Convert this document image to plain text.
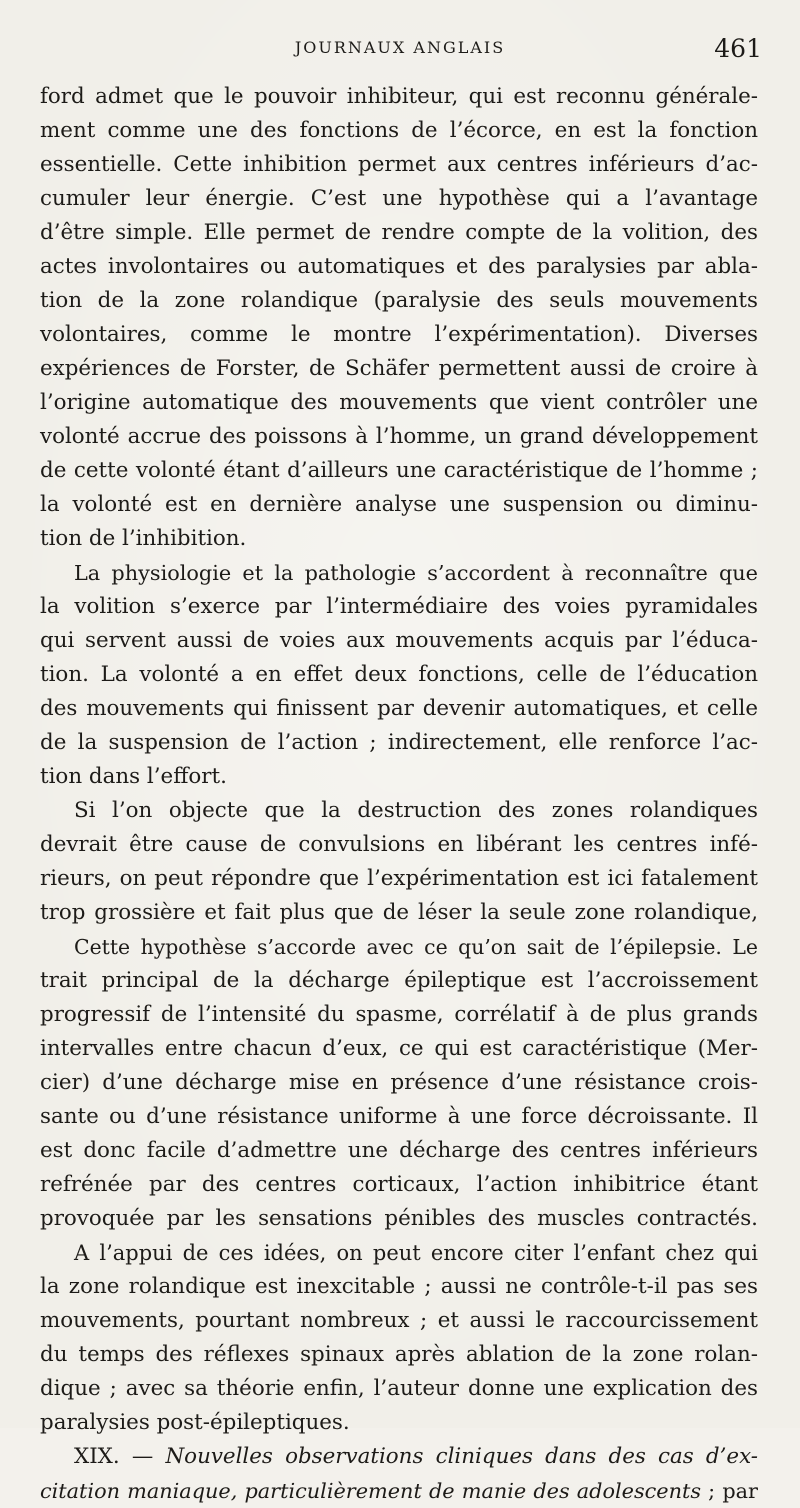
JOURNAUX ANGLAIS	461
ford admet que le pouvoir inhibiteur, qui est reconnu générale-
ment comme une des fonctions de l’écorce, en est la fonction
essentielle. Cette inhibition permet aux centres inférieurs d’ac-
cumuler leur énergie. C’est une hypothèse qui a l’avantage
d’être simple. Elle permet de rendre compte de la volition, des
actes involontaires ou automatiques et des paralysies par abla-
tion de la zone rolandique (paralysie des seuls mouvements
volontaires, comme le montre l’expérimentation). Diverses
expériences de Forster, de Schäfer permettent aussi de croire à
l’origine automatique des mouvements que vient contrôler une
volonté accrue des poissons à l’homme, un grand développement
de cette volonté étant d’ailleurs une caractéristique de l’homme ;
la volonté est en dernière analyse une suspension ou diminu-
tion de l’inhibition.
La physiologie et la pathologie s’accordent à reconnaître que
la volition s’exerce par l’intermédiaire des voies pyramidales
qui servent aussi de voies aux mouvements acquis par l’éduca-
tion. La volonté a en effet deux fonctions, celle de l’éducation
des mouvements qui finissent par devenir automatiques, et celle
de la suspension de l’action ; indirectement, elle renforce l’ac-
tion dans l’effort.
Si l’on objecte que la destruction des zones rolandiques
devrait être cause de convulsions en libérant les centres infé-
rieurs, on peut répondre que l’expérimentation est ici fatalement
trop grossière et fait plus que de léser la seule zone rolandique,
Cette hypothèse s’accorde avec ce qu’on sait de l’épilepsie. Le
trait principal de la décharge épileptique est l’accroissement
progressif de l’intensité du spasme, corrélatif à de plus grands
intervalles entre chacun d’eux, ce qui est caractéristique (Mer-
cier) d’une décharge mise en présence d’une résistance crois-
sante ou d’une résistance uniforme à une force décroissante. Il
est donc facile d’admettre une décharge des centres inférieurs
refrénée par des centres corticaux, l’action inhibitrice étant
provoquée par les sensations pénibles des muscles contractés.
A l’appui de ces idées, on peut encore citer l’enfant chez qui
la zone rolandique est inexcitable ; aussi ne contrôle-t-il pas ses
mouvements, pourtant nombreux ; et aussi le raccourcissement
du temps des réflexes spinaux après ablation de la zone rolan-
dique ; avec sa théorie enfin, l’auteur donne une explication des
paralysies post-épileptiques.
XIX. — Nouvelles observations cliniques dans des cas d’ex-
citation maniaque, particulièrement de manie des adolescents ; par
